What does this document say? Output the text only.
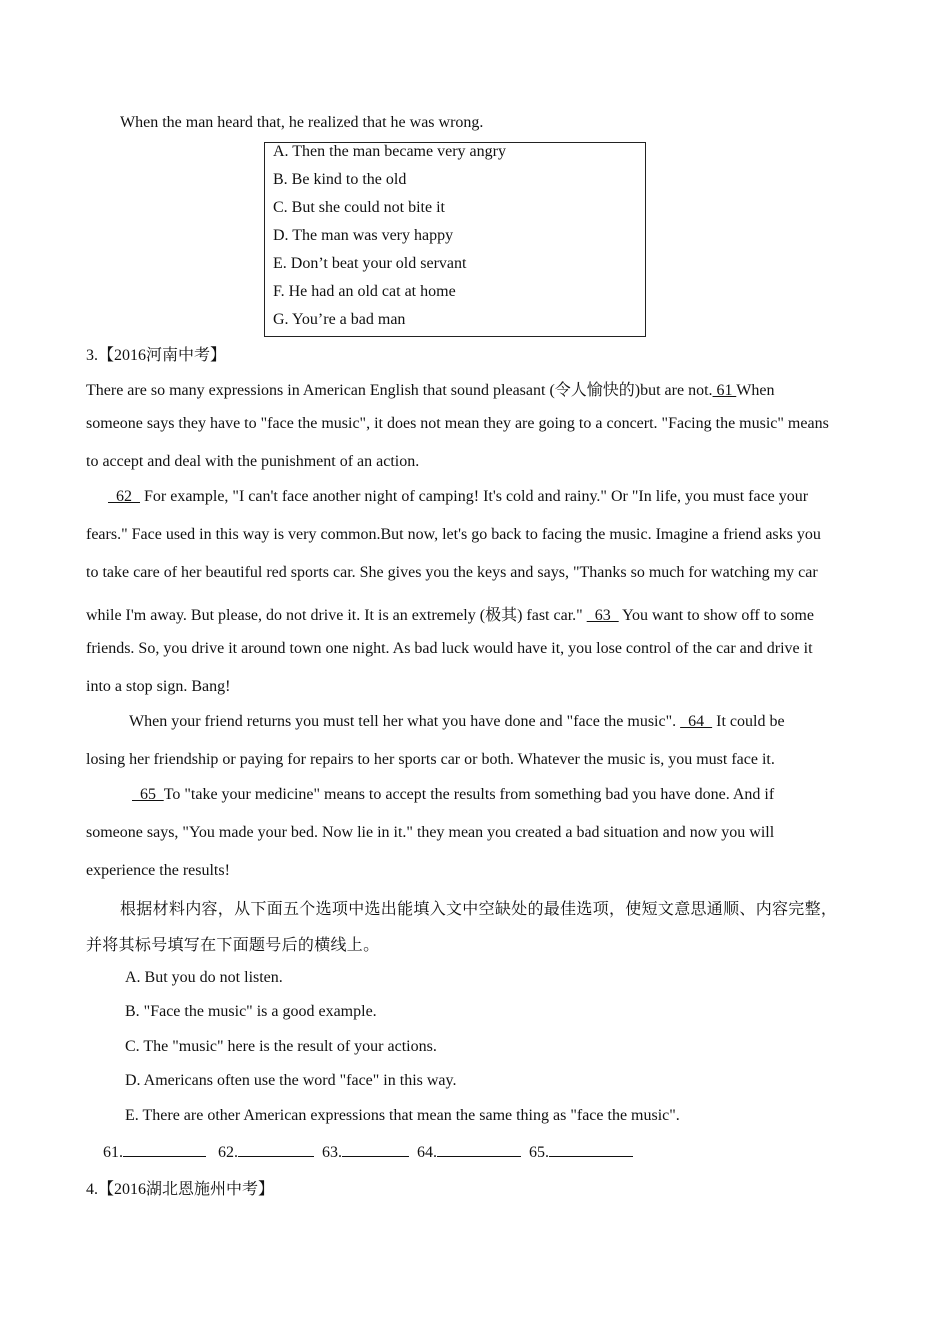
When the man heard that, he realized that he was wrong.
A. Then the man became very angry
B. Be kind to the old
C. But she could not bite it
D. The man was very happy
E. Don’t beat your old servant
F. He had an old cat at home
G. You’re a bad man
3.【2016河南中考】
There are so many expressions in American English that sound pleasant (令人愉快的)but are not. 61 When
someone says they have to "face the music", it does not mean they are going to a concert. "Facing the music" means
to accept and deal with the punishment of an action.
62   For example, "I can't face another night of camping! It's cold and rainy." Or "In life, you must face your
fears." Face used in this way is very common.But now, let's go back to facing the music. Imagine a friend asks you
to take care of her beautiful red sports car. She gives you the keys and says, "Thanks so much for watching my car
while I'm away. But please, do not drive it. It is an extremely (极其) fast car."   63   You want to show off to some
friends. So, you drive it around town one night. As bad luck would have it, you lose control of the car and drive it
into a stop sign. Bang!
When your friend returns you must tell her what you have done and "face the music".   64   It could be
losing her friendship or paying for repairs to her sports car or both. Whatever the music is, you must face it.
65  To "take your medicine" means to accept the results from something bad you have done. And if
someone says, "You made your bed. Now lie in it." they mean you created a bad situation and now you will
experience the results!
根据材料内容，从下面五个选项中选出能填入文中空缺处的最佳选项，使短文意思通顺、内容完整，
并将其标号填写在下面题号后的横线上。
A. But you do not listen.
B. "Face the music" is a good example.
C. The "music" here is the result of your actions.
D. Americans often use the word "face" in this way.
E. There are other American expressions that mean the same thing as "face the music".
61.	62.	63.	64.	65.
4.【2016湖北恩施州中考】
